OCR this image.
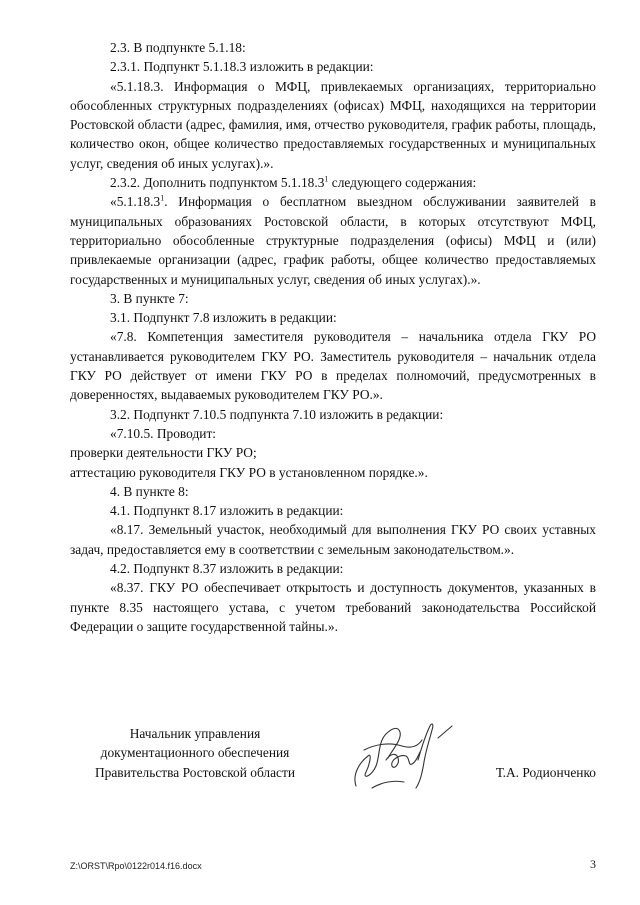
2.3. В подпункте 5.1.18:

2.3.1. Подпункт 5.1.18.3 изложить в редакции:

«5.1.18.3. Информация о МФЦ, привлекаемых организациях, территориально обособленных структурных подразделениях (офисах) МФЦ, находящихся на территории Ростовской области (адрес, фамилия, имя, отчество руководителя, график работы, площадь, количество окон, общее количество предоставляемых государственных и муниципальных услуг, сведения об иных услугах).».

2.3.2. Дополнить подпунктом 5.1.18.3$^1$ следующего содержания:

«5.1.18.3$^1$. Информация о бесплатном выездном обслуживании заявителей в муниципальных образованиях Ростовской области, в которых отсутствуют МФЦ, территориально обособленные структурные подразделения (офисы) МФЦ и (или) привлекаемые организации (адрес, график работы, общее количество предоставляемых государственных и муниципальных услуг, сведения об иных услугах).».

3. В пункте 7:

3.1. Подпункт 7.8 изложить в редакции:

«7.8. Компетенция заместителя руководителя – начальника отдела ГКУ РО устанавливается руководителем ГКУ РО. Заместитель руководителя – начальник отдела ГКУ РО действует от имени ГКУ РО в пределах полномочий, предусмотренных в доверенностях, выдаваемых руководителем ГКУ РО.».

3.2. Подпункт 7.10.5 подпункта 7.10 изложить в редакции:

«7.10.5. Проводит:

проверки деятельности ГКУ РО;

аттестацию руководителя ГКУ РО в установленном порядке.».

4. В пункте 8:

4.1. Подпункт 8.17 изложить в редакции:

«8.17. Земельный участок, необходимый для выполнения ГКУ РО своих уставных задач, предоставляется ему в соответствии с земельным законодательством.».

4.2. Подпункт 8.37 изложить в редакции:

«8.37. ГКУ РО обеспечивает открытость и доступность документов, указанных в пункте 8.35 настоящего устава, с учетом требований законодательства Российской Федерации о защите государственной тайны.».

Начальник управления
документационного обеспечения
Правительства Ростовской области	Т.А. Родионченко
Z:\ORST\Rpo\0122r014.f16.docx	3
